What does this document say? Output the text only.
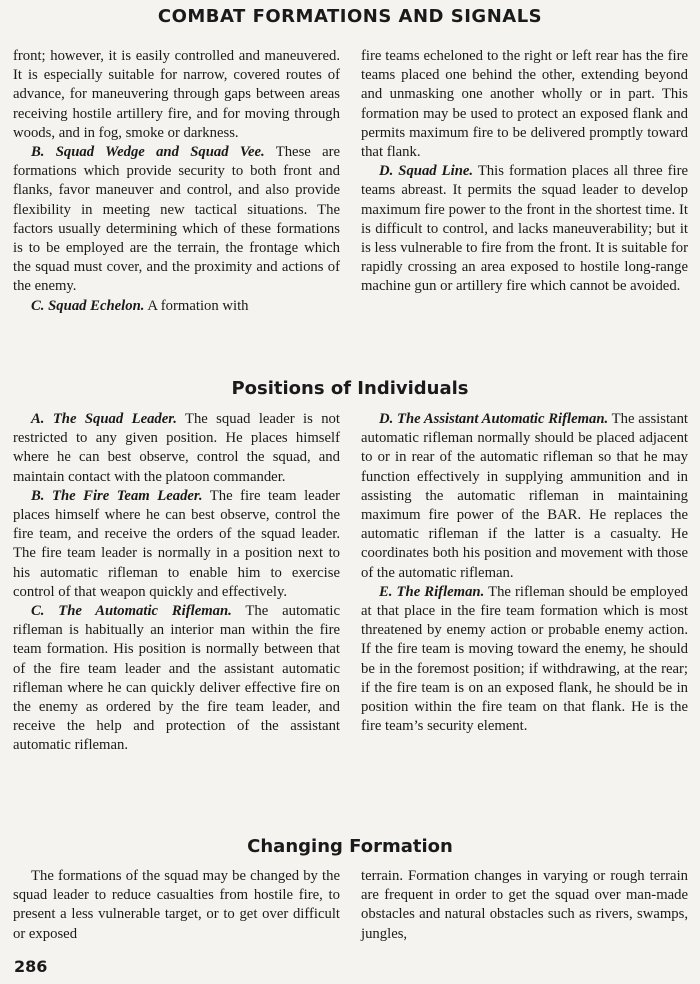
COMBAT FORMATIONS AND SIGNALS

front; however, it is easily controlled and maneuvered. It is especially suitable for narrow, covered routes of advance, for maneuvering through gaps between areas receiving hostile artillery fire, and for moving through woods, and in fog, smoke or darkness.

B. Squad Wedge and Squad Vee. These are formations which provide security to both front and flanks, favor maneuver and control, and also provide flexibility in meeting new tactical situations. The factors usually determining which of these formations is to be employed are the terrain, the frontage which the squad must cover, and the proximity and actions of the enemy.

C. Squad Echelon. A formation with

fire teams echeloned to the right or left rear has the fire teams placed one behind the other, extending beyond and unmasking one another wholly or in part. This formation may be used to protect an exposed flank and permits maximum fire to be delivered promptly toward that flank.

D. Squad Line. This formation places all three fire teams abreast. It permits the squad leader to develop maximum fire power to the front in the shortest time. It is difficult to control, and lacks maneuverability; but it is less vulnerable to fire from the front. It is suitable for rapidly crossing an area exposed to hostile long-range machine gun or artillery fire which cannot be avoided.

Positions of Individuals

A. The Squad Leader. The squad leader is not restricted to any given position. He places himself where he can best observe, control the squad, and maintain contact with the platoon commander.

B. The Fire Team Leader. The fire team leader places himself where he can best observe, control the fire team, and receive the orders of the squad leader. The fire team leader is normally in a position next to his automatic rifleman to enable him to exercise control of that weapon quickly and effectively.

C. The Automatic Rifleman. The automatic rifleman is habitually an interior man within the fire team formation. His position is normally between that of the fire team leader and the assistant automatic rifleman where he can quickly deliver effective fire on the enemy as ordered by the fire team leader, and receive the help and protection of the assistant automatic rifleman.

D. The Assistant Automatic Rifleman. The assistant automatic rifleman normally should be placed adjacent to or in rear of the automatic rifleman so that he may function effectively in supplying ammunition and in assisting the automatic rifleman in maintaining maximum fire power of the BAR. He replaces the automatic rifleman if the latter is a casualty. He coordinates both his position and movement with those of the automatic rifleman.

E. The Rifleman. The rifleman should be employed at that place in the fire team formation which is most threatened by enemy action or probable enemy action. If the fire team is moving toward the enemy, he should be in the foremost position; if withdrawing, at the rear; if the fire team is on an exposed flank, he should be in position within the fire team on that flank. He is the fire team’s security element.

Changing Formation

The formations of the squad may be changed by the squad leader to reduce casualties from hostile fire, to present a less vulnerable target, or to get over difficult or exposed

terrain. Formation changes in varying or rough terrain are frequent in order to get the squad over man-made obstacles and natural obstacles such as rivers, swamps, jungles,

286
